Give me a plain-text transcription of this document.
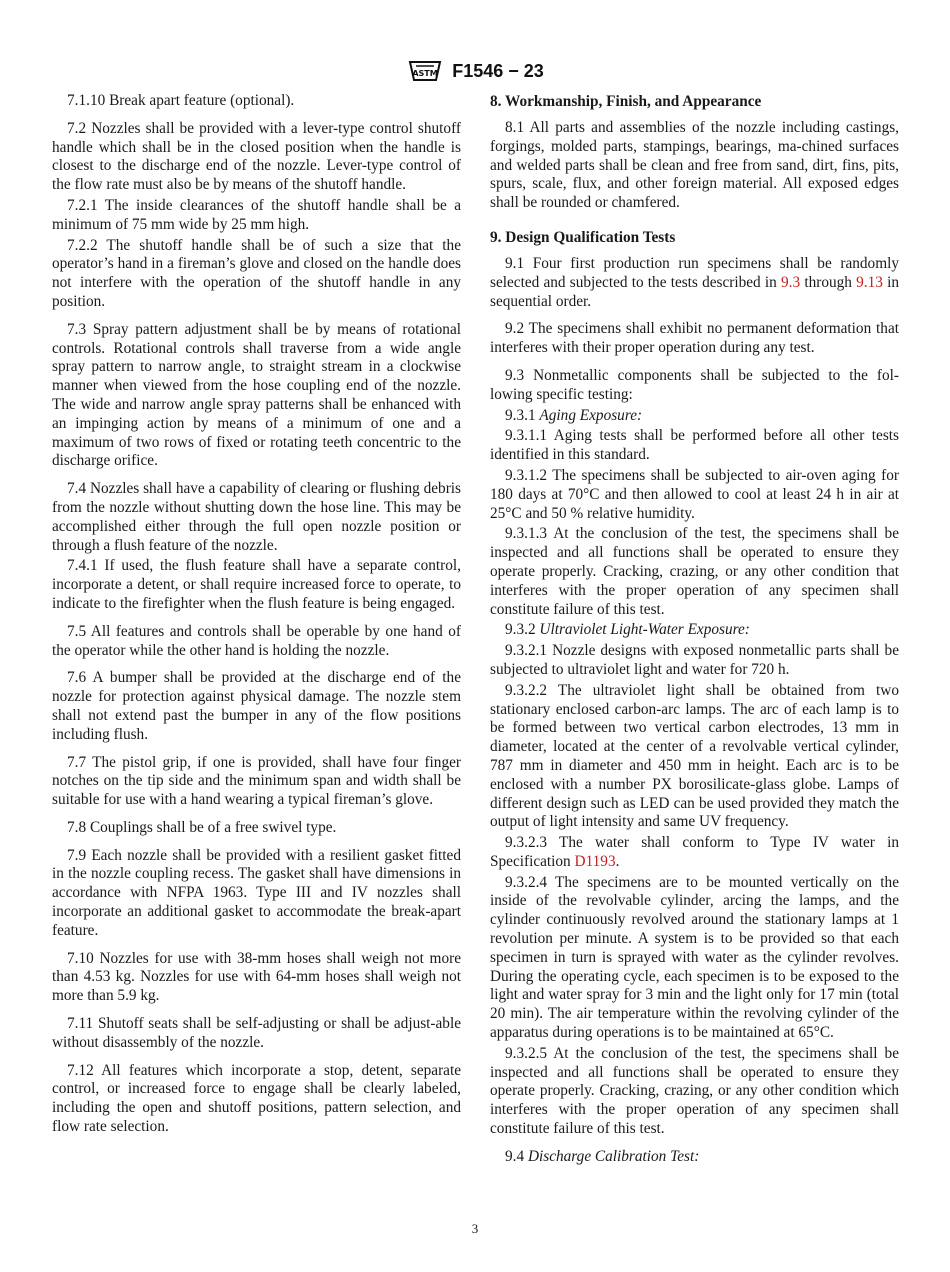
ASTM F1546 − 23

7.1.10 Break apart feature (optional).

7.2 Nozzles shall be provided with a lever-type control shutoff handle which shall be in the closed position when the handle is closest to the discharge end of the nozzle. Lever-type control of the flow rate must also be by means of the shutoff handle.

7.2.1 The inside clearances of the shutoff handle shall be a minimum of 75 mm wide by 25 mm high.

7.2.2 The shutoff handle shall be of such a size that the operator’s hand in a fireman’s glove and closed on the handle does not interfere with the operation of the shutoff handle in any position.

7.3 Spray pattern adjustment shall be by means of rotational controls. Rotational controls shall traverse from a wide angle spray pattern to narrow angle, to straight stream in a clockwise manner when viewed from the hose coupling end of the nozzle. The wide and narrow angle spray patterns shall be enhanced with an impinging action by means of a minimum of one and a maximum of two rows of fixed or rotating teeth concentric to the discharge orifice.

7.4 Nozzles shall have a capability of clearing or flushing debris from the nozzle without shutting down the hose line. This may be accomplished either through the full open nozzle position or through a flush feature of the nozzle.

7.4.1 If used, the flush feature shall have a separate control, incorporate a detent, or shall require increased force to operate, to indicate to the firefighter when the flush feature is being engaged.

7.5 All features and controls shall be operable by one hand of the operator while the other hand is holding the nozzle.

7.6 A bumper shall be provided at the discharge end of the nozzle for protection against physical damage. The nozzle stem shall not extend past the bumper in any of the flow positions including flush.

7.7 The pistol grip, if one is provided, shall have four finger notches on the tip side and the minimum span and width shall be suitable for use with a hand wearing a typical fireman’s glove.

7.8 Couplings shall be of a free swivel type.

7.9 Each nozzle shall be provided with a resilient gasket fitted in the nozzle coupling recess. The gasket shall have dimensions in accordance with NFPA 1963. Type III and IV nozzles shall incorporate an additional gasket to accommodate the break-apart feature.

7.10 Nozzles for use with 38-mm hoses shall weigh not more than 4.53 kg. Nozzles for use with 64-mm hoses shall weigh not more than 5.9 kg.

7.11 Shutoff seats shall be self-adjusting or shall be adjust-able without disassembly of the nozzle.

7.12 All features which incorporate a stop, detent, separate control, or increased force to engage shall be clearly labeled, including the open and shutoff positions, pattern selection, and flow rate selection.

8. Workmanship, Finish, and Appearance

8.1 All parts and assemblies of the nozzle including castings, forgings, molded parts, stampings, bearings, ma-chined surfaces and welded parts shall be clean and free from sand, dirt, fins, pits, spurs, scale, flux, and other foreign material. All exposed edges shall be rounded or chamfered.

9. Design Qualification Tests

9.1 Four first production run specimens shall be randomly selected and subjected to the tests described in 9.3 through 9.13 in sequential order.

9.2 The specimens shall exhibit no permanent deformation that interferes with their proper operation during any test.

9.3 Nonmetallic components shall be subjected to the fol-lowing specific testing:

9.3.1 Aging Exposure:

9.3.1.1 Aging tests shall be performed before all other tests identified in this standard.

9.3.1.2 The specimens shall be subjected to air-oven aging for 180 days at 70°C and then allowed to cool at least 24 h in air at 25°C and 50 % relative humidity.

9.3.1.3 At the conclusion of the test, the specimens shall be inspected and all functions shall be operated to ensure they operate properly. Cracking, crazing, or any other condition that interferes with the proper operation of any specimen shall constitute failure of this test.

9.3.2 Ultraviolet Light-Water Exposure:

9.3.2.1 Nozzle designs with exposed nonmetallic parts shall be subjected to ultraviolet light and water for 720 h.

9.3.2.2 The ultraviolet light shall be obtained from two stationary enclosed carbon-arc lamps. The arc of each lamp is to be formed between two vertical carbon electrodes, 13 mm in diameter, located at the center of a revolvable vertical cylinder, 787 mm in diameter and 450 mm in height. Each arc is to be enclosed with a number PX borosilicate-glass globe. Lamps of different design such as LED can be used provided they match the output of light intensity and same UV frequency.

9.3.2.3 The water shall conform to Type IV water in Specification D1193.

9.3.2.4 The specimens are to be mounted vertically on the inside of the revolvable cylinder, arcing the lamps, and the cylinder continuously revolved around the stationary lamps at 1 revolution per minute. A system is to be provided so that each specimen in turn is sprayed with water as the cylinder revolves. During the operating cycle, each specimen is to be exposed to the light and water spray for 3 min and the light only for 17 min (total 20 min). The air temperature within the revolving cylinder of the apparatus during operations is to be maintained at 65°C.

9.3.2.5 At the conclusion of the test, the specimens shall be inspected and all functions shall be operated to ensure they operate properly. Cracking, crazing, or any other condition which interferes with the proper operation of any specimen shall constitute failure of this test.

9.4 Discharge Calibration Test:

3
